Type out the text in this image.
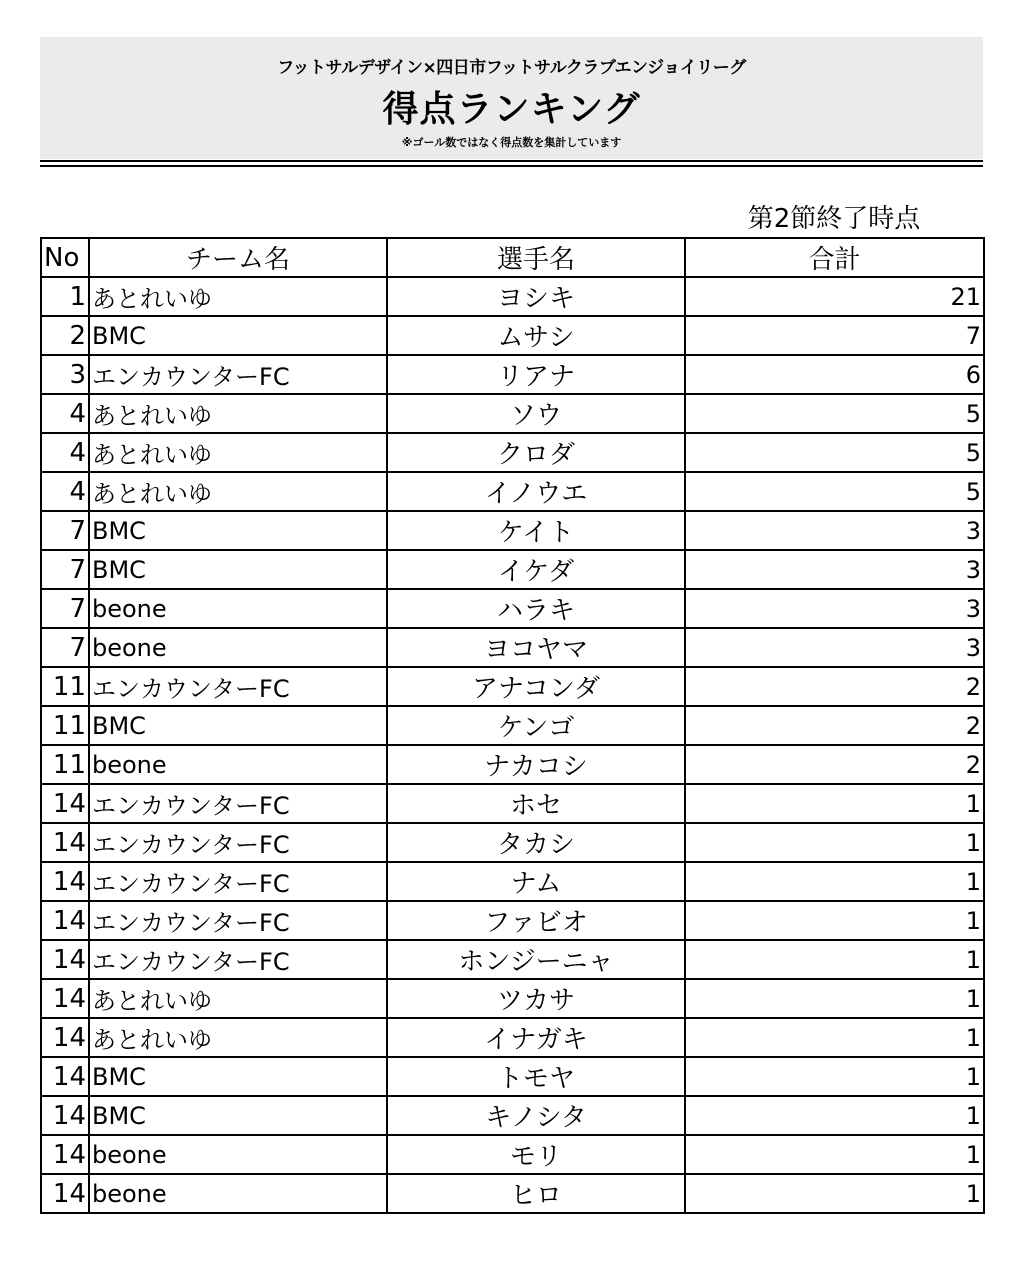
フットサルデザイン×四日市フットサルクラブエンジョイリーグ
得点ランキング
※ゴール数ではなく得点数を集計しています
第2節終了時点
No	チーム名	選手名	合計
1	あとれいゆ	ヨシキ	21
2	BMC	ムサシ	7
3	エンカウンターFC	リアナ	6
4	あとれいゆ	ソウ	5
4	あとれいゆ	クロダ	5
4	あとれいゆ	イノウエ	5
7	BMC	ケイト	3
7	BMC	イケダ	3
7	beone	ハラキ	3
7	beone	ヨコヤマ	3
11	エンカウンターFC	アナコンダ	2
11	BMC	ケンゴ	2
11	beone	ナカコシ	2
14	エンカウンターFC	ホセ	1
14	エンカウンターFC	タカシ	1
14	エンカウンターFC	ナム	1
14	エンカウンターFC	ファビオ	1
14	エンカウンターFC	ホンジーニャ	1
14	あとれいゆ	ツカサ	1
14	あとれいゆ	イナガキ	1
14	BMC	トモヤ	1
14	BMC	キノシタ	1
14	beone	モリ	1
14	beone	ヒロ	1
